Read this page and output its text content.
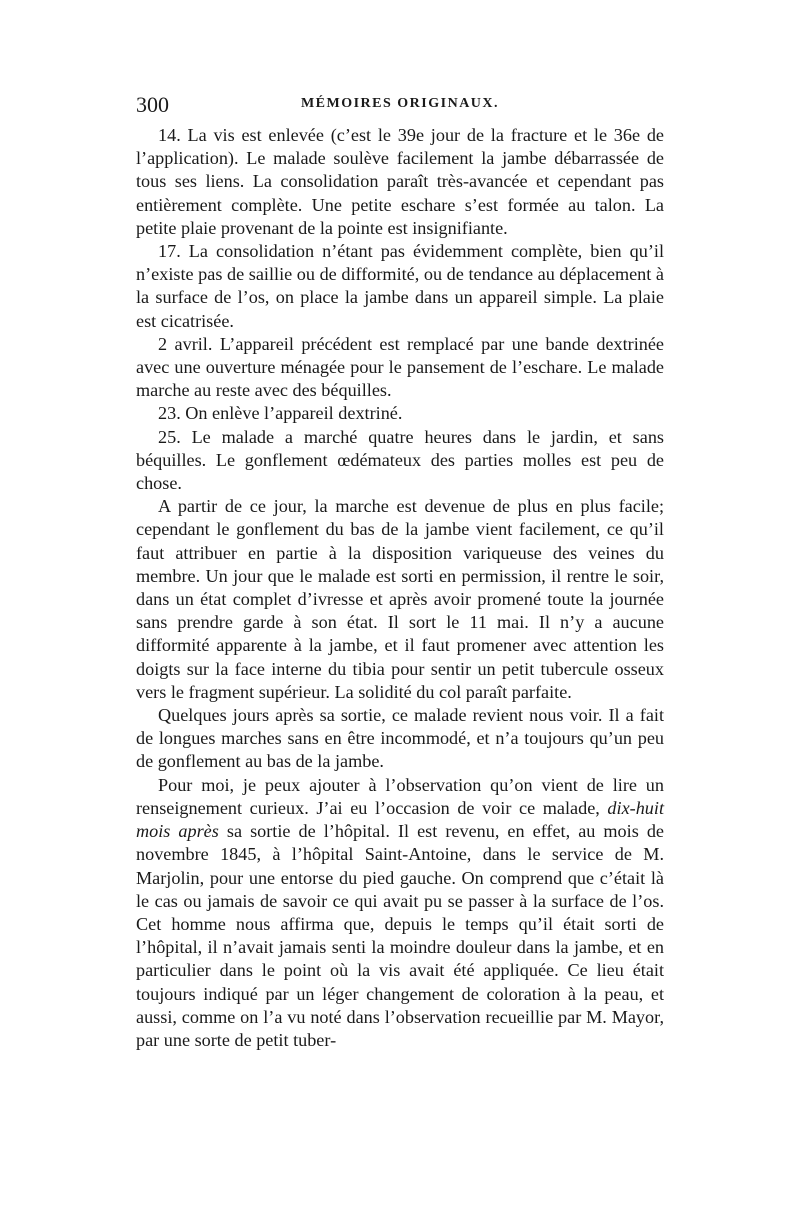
300	MÉMOIRES ORIGINAUX.

14. La vis est enlevée (c’est le 39e jour de la fracture et le 36e de l’application). Le malade soulève facilement la jambe débarrassée de tous ses liens. La consolidation paraît très-avancée et cependant pas entièrement complète. Une petite eschare s’est formée au talon. La petite plaie provenant de la pointe est insignifiante.

17. La consolidation n’étant pas évidemment complète, bien qu’il n’existe pas de saillie ou de difformité, ou de tendance au déplacement à la surface de l’os, on place la jambe dans un appareil simple. La plaie est cicatrisée.

2 avril. L’appareil précédent est remplacé par une bande dextrinée avec une ouverture ménagée pour le pansement de l’eschare. Le malade marche au reste avec des béquilles.

23. On enlève l’appareil dextriné.

25. Le malade a marché quatre heures dans le jardin, et sans béquilles. Le gonflement œdémateux des parties molles est peu de chose.

A partir de ce jour, la marche est devenue de plus en plus facile; cependant le gonflement du bas de la jambe vient facilement, ce qu’il faut attribuer en partie à la disposition variqueuse des veines du membre. Un jour que le malade est sorti en permission, il rentre le soir, dans un état complet d’ivresse et après avoir promené toute la journée sans prendre garde à son état. Il sort le 11 mai. Il n’y a aucune difformité apparente à la jambe, et il faut promener avec attention les doigts sur la face interne du tibia pour sentir un petit tubercule osseux vers le fragment supérieur. La solidité du col paraît parfaite.

Quelques jours après sa sortie, ce malade revient nous voir. Il a fait de longues marches sans en être incommodé, et n’a toujours qu’un peu de gonflement au bas de la jambe.

Pour moi, je peux ajouter à l’observation qu’on vient de lire un renseignement curieux. J’ai eu l’occasion de voir ce malade, dix-huit mois après sa sortie de l’hôpital. Il est revenu, en effet, au mois de novembre 1845, à l’hôpital Saint-Antoine, dans le service de M. Marjolin, pour une entorse du pied gauche. On comprend que c’était là le cas ou jamais de savoir ce qui avait pu se passer à la surface de l’os. Cet homme nous affirma que, depuis le temps qu’il était sorti de l’hôpital, il n’avait jamais senti la moindre douleur dans la jambe, et en particulier dans le point où la vis avait été appliquée. Ce lieu était toujours indiqué par un léger changement de coloration à la peau, et aussi, comme on l’a vu noté dans l’observation recueillie par M. Mayor, par une sorte de petit tuber-
